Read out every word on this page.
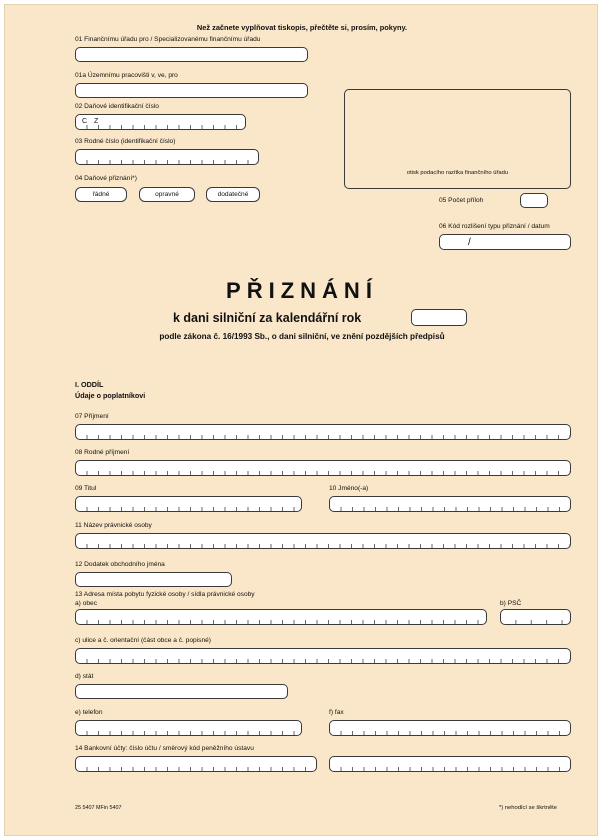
Než začnete vyplňovat tiskopis, přečtěte si, prosím, pokyny.
01 Finančnímu úřadu pro / Specializovanému finančnímu úřadu
01a Územnímu pracovišti v, ve, pro
02 Daňové identifikační číslo
C Z
03 Rodné číslo (identifikační číslo)
04 Daňové přiznání*)
řádné	opravné	dodatečné
otisk podacího razítka finančního úřadu
05 Počet příloh
06 Kód rozlišení typu přiznání / datum
/
PŘIZNÁNÍ
k dani silniční za kalendářní rok
podle zákona č. 16/1993 Sb., o dani silniční, ve znění pozdějších předpisů
I. ODDÍL
Údaje o poplatníkovi
07 Příjmení
08 Rodné příjmení
09 Titul	10 Jméno(-a)
11 Název právnické osoby
12 Dodatek obchodního jména
13 Adresa místa pobytu fyzické osoby / sídla právnické osoby
a) obec	b) PSČ
c) ulice a č. orientační (část obce a č. popisné)
d) stát
e) telefon	f) fax
14 Bankovní účty: číslo účtu / směrový kód peněžního ústavu
25 5407 MFin 5407	*) nehodící se škrtněte
